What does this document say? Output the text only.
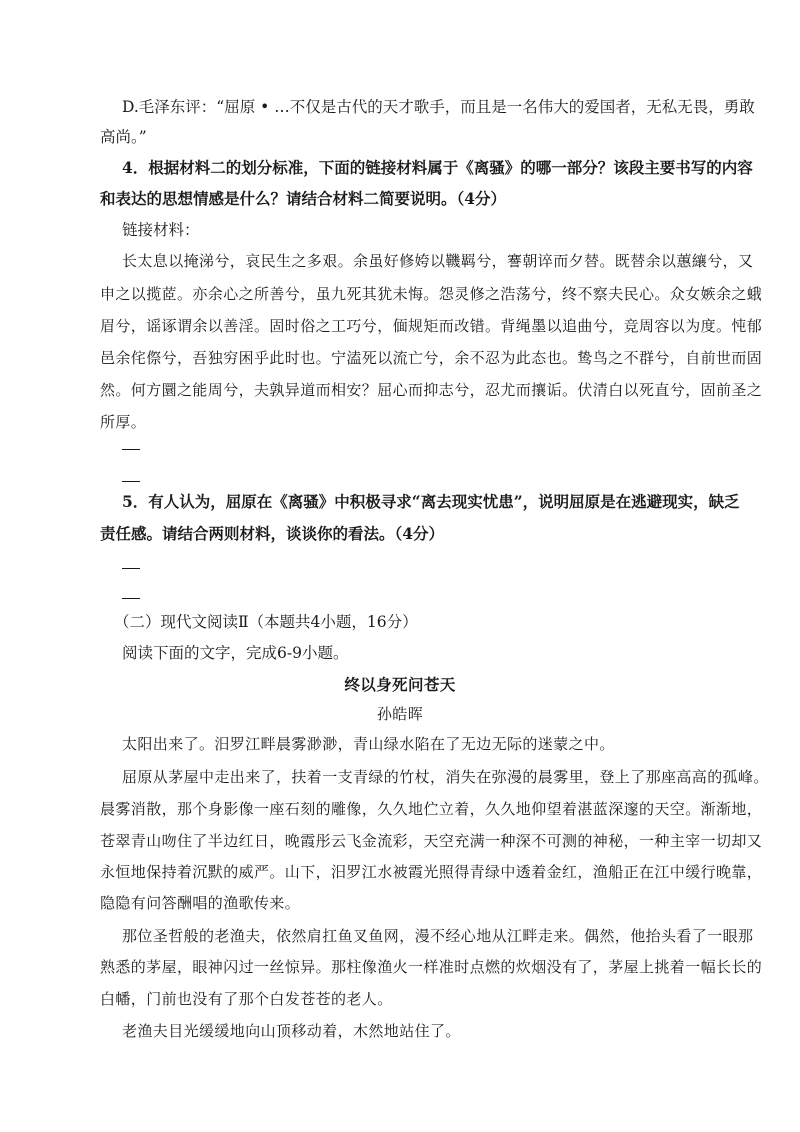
D.毛泽东评：“屈原 • …不仅是古代的天才歌手，而且是一名伟大的爱国者，无私无畏，勇敢
高尚。”
4．根据材料二的划分标准，下面的链接材料属于《离骚》的哪一部分？该段主要书写的内容
和表达的思想情感是什么？请结合材料二简要说明。（4分）
链接材料：
长太息以掩涕兮，哀民生之多艰。余虽好修姱以鞿羁兮，謇朝谇而夕替。既替余以蕙纕兮，又
申之以揽茝。亦余心之所善兮，虽九死其犹未悔。怨灵修之浩荡兮，终不察夫民心。众女嫉余之蛾
眉兮，谣诼谓余以善淫。固时俗之工巧兮，偭规矩而改错。背绳墨以追曲兮，竞周容以为度。忳郁
邑余侘傺兮，吾独穷困乎此时也。宁溘死以流亡兮，余不忍为此态也。鸷鸟之不群兮，自前世而固
然。何方圜之能周兮，夫孰异道而相安？屈心而抑志兮，忍尤而攘诟。伏清白以死直兮，固前圣之
所厚。
5．有人认为，屈原在《离骚》中积极寻求“离去现实忧患”，说明屈原是在逃避现实，缺乏
责任感。请结合两则材料，谈谈你的看法。（4分）
（二）现代文阅读Ⅱ（本题共4小题，16分）
阅读下面的文字，完成6-9小题。
终以身死问苍天
孙皓晖
太阳出来了。汨罗江畔晨雾渺渺，青山绿水陷在了无边无际的迷蒙之中。
屈原从茅屋中走出来了，扶着一支青绿的竹杖，消失在弥漫的晨雾里，登上了那座高高的孤峰。
晨雾消散，那个身影像一座石刻的雕像，久久地伫立着，久久地仰望着湛蓝深邃的天空。渐渐地，
苍翠青山吻住了半边红日，晚霞彤云飞金流彩，天空充满一种深不可测的神秘，一种主宰一切却又
永恒地保持着沉默的威严。山下，汨罗江水被霞光照得青绿中透着金红，渔船正在江中缓行晚靠，
隐隐有问答酬唱的渔歌传来。
那位圣哲般的老渔夫，依然肩扛鱼叉鱼网，漫不经心地从江畔走来。偶然，他抬头看了一眼那
熟悉的茅屋，眼神闪过一丝惊异。那柱像渔火一样准时点燃的炊烟没有了，茅屋上挑着一幅长长的
白幡，门前也没有了那个白发苍苍的老人。
老渔夫目光缓缓地向山顶移动着，木然地站住了。
